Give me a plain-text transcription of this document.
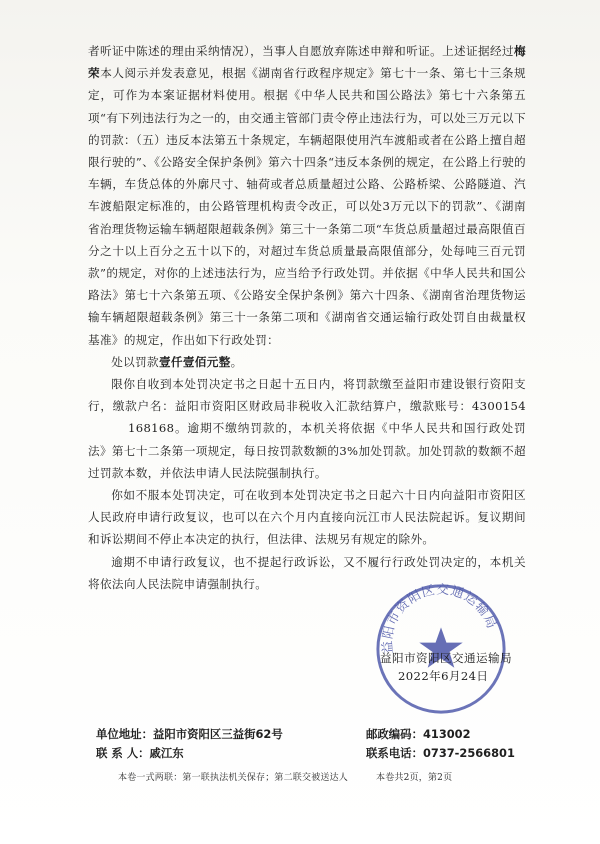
者听证中陈述的理由采纳情况），当事人自愿放弃陈述申辩和听证。上述证据经过梅　荣本人阅示并发表意见，根据《湖南省行政程序规定》第七十一条、第七十三条规定，可作为本案证据材料使用。根据《中华人民共和国公路法》第七十六条第五项“有下列违法行为之一的，由交通主管部门责令停止违法行为，可以处三万元以下的罚款：（五）违反本法第五十条规定，车辆超限使用汽车渡船或者在公路上擅自超限行驶的”、《公路安全保护条例》第六十四条“违反本条例的规定，在公路上行驶的车辆，车货总体的外廓尺寸、轴荷或者总质量超过公路、公路桥梁、公路隧道、汽车渡船限定标准的，由公路管理机构责令改正，可以处3万元以下的罚款”、《湖南省治理货物运输车辆超限超载条例》第三十一条第二项“车货总质量超过最高限值百分之十以上百分之五十以下的，对超过车货总质量最高限值部分，处每吨三百元罚款”的规定，对你的上述违法行为，应当给予行政处罚。并依据《中华人民共和国公路法》第七十六条第五项、《公路安全保护条例》第六十四条、《湖南省治理货物运输车辆超限超载条例》第三十一条第二项和《湖南省交通运输行政处罚自由裁量权基准》的规定，作出如下行政处罚：

处以罚款壹仟壹佰元整。

限你自收到本处罚决定书之日起十五日内，将罚款缴至益阳市建设银行资阳支行，缴款户名：益阳市资阳区财政局非税收入汇款结算户，缴款账号：4300154168168。逾期不缴纳罚款的，本机关将依据《中华人民共和国行政处罚法》第七十二条第一项规定，每日按罚款数额的3%加处罚款。加处罚款的数额不超过罚款本数，并依法申请人民法院强制执行。

你如不服本处罚决定，可在收到本处罚决定书之日起六十日内向益阳市资阳区人民政府申请行政复议，也可以在六个月内直接向沅江市人民法院起诉。复议期间和诉讼期间不停止本决定的执行，但法律、法规另有规定的除外。

逾期不申请行政复议，也不提起行政诉讼，又不履行行政处罚决定的，本机关将依法向人民法院申请强制执行。

益阳市资阳区交通运输局
益阳市资阳区交通运输局
2022年6月24日
单位地址：益阳市资阳区三益街62号	邮政编码：413002
联 系 人：戚江东	联系电话：0737-2566801
本卷一式两联：第一联执法机关保存；第二联交被送达人	本卷共2页，第2页
